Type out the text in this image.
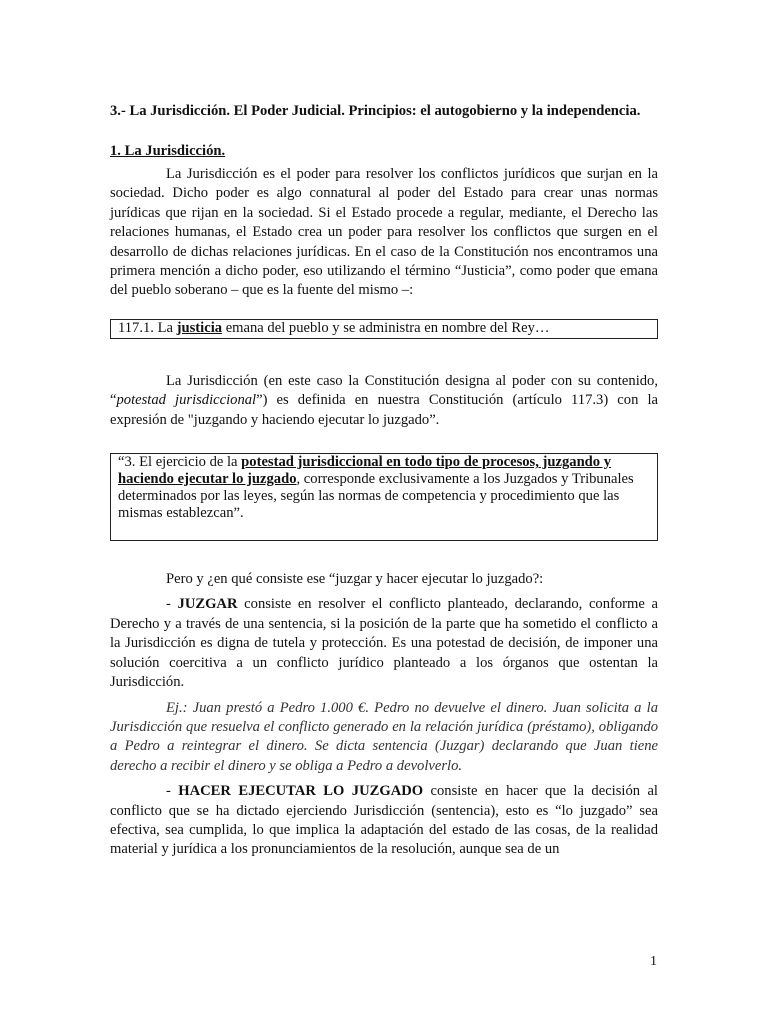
3.- La Jurisdicción. El Poder Judicial. Principios: el autogobierno y la independencia.

1. La Jurisdicción.

La Jurisdicción es el poder para resolver los conflictos jurídicos que surjan en la sociedad. Dicho poder es algo connatural al poder del Estado para crear unas normas jurídicas que rijan en la sociedad. Si el Estado procede a regular, mediante, el Derecho las relaciones humanas, el Estado crea un poder para resolver los conflictos que surgen en el desarrollo de dichas relaciones jurídicas. En el caso de la Constitución nos encontramos una primera mención a dicho poder, eso utilizando el término “Justicia”, como poder que emana del pueblo soberano – que es la fuente del mismo –:

117.1. La justicia emana del pueblo y se administra en nombre del Rey…

La Jurisdicción (en este caso la Constitución designa al poder con su contenido, “potestad jurisdiccional”) es definida en nuestra Constitución (artículo 117.3) con la expresión de "juzgando y haciendo ejecutar lo juzgado”.

“3. El ejercicio de la potestad jurisdiccional en todo tipo de procesos, juzgando y haciendo ejecutar lo juzgado, corresponde exclusivamente a los Juzgados y Tribunales determinados por las leyes, según las normas de competencia y procedimiento que las mismas establezcan”.

Pero y ¿en qué consiste ese “juzgar y hacer ejecutar lo juzgado?:

- JUZGAR consiste en resolver el conflicto planteado, declarando, conforme a Derecho y a través de una sentencia, si la posición de la parte que ha sometido el conflicto a la Jurisdicción es digna de tutela y protección. Es una potestad de decisión, de imponer una solución coercitiva a un conflicto jurídico planteado a los órganos que ostentan la Jurisdicción.

Ej.: Juan prestó a Pedro 1.000 €. Pedro no devuelve el dinero. Juan solicita a la Jurisdicción que resuelva el conflicto generado en la relación jurídica (préstamo), obligando a Pedro a reintegrar el dinero. Se dicta sentencia (Juzgar) declarando que Juan tiene derecho a recibir el dinero y se obliga a Pedro a devolverlo.

- HACER EJECUTAR LO JUZGADO consiste en hacer que la decisión al conflicto que se ha dictado ejerciendo Jurisdicción (sentencia), esto es “lo juzgado” sea efectiva, sea cumplida, lo que implica la adaptación del estado de las cosas, de la realidad material y jurídica a los pronunciamientos de la resolución, aunque sea de un

1
